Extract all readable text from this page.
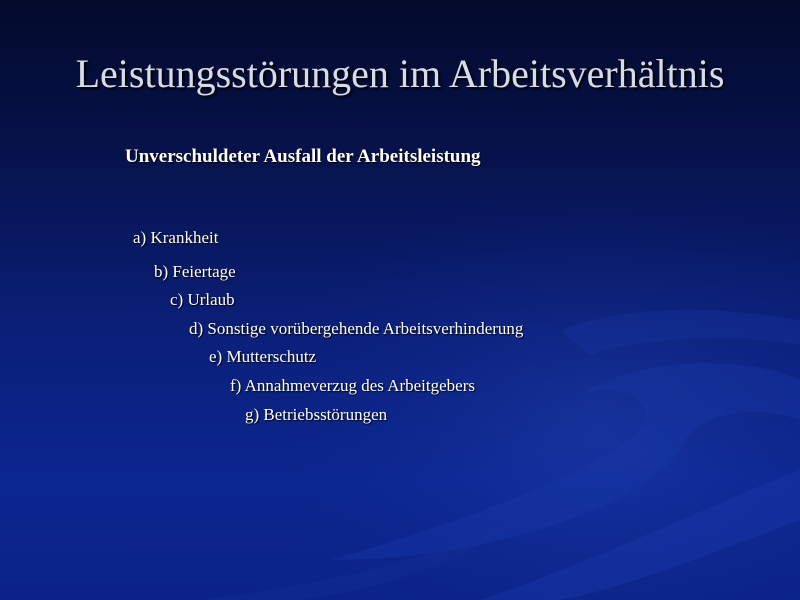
Leistungsstörungen im Arbeitsverhältnis
Unverschuldeter Ausfall der Arbeitsleistung
a) Krankheit
b) Feiertage
c) Urlaub
d) Sonstige vorübergehende Arbeitsverhinderung
e) Mutterschutz
f) Annahmeverzug des Arbeitgebers
g) Betriebsstörungen
